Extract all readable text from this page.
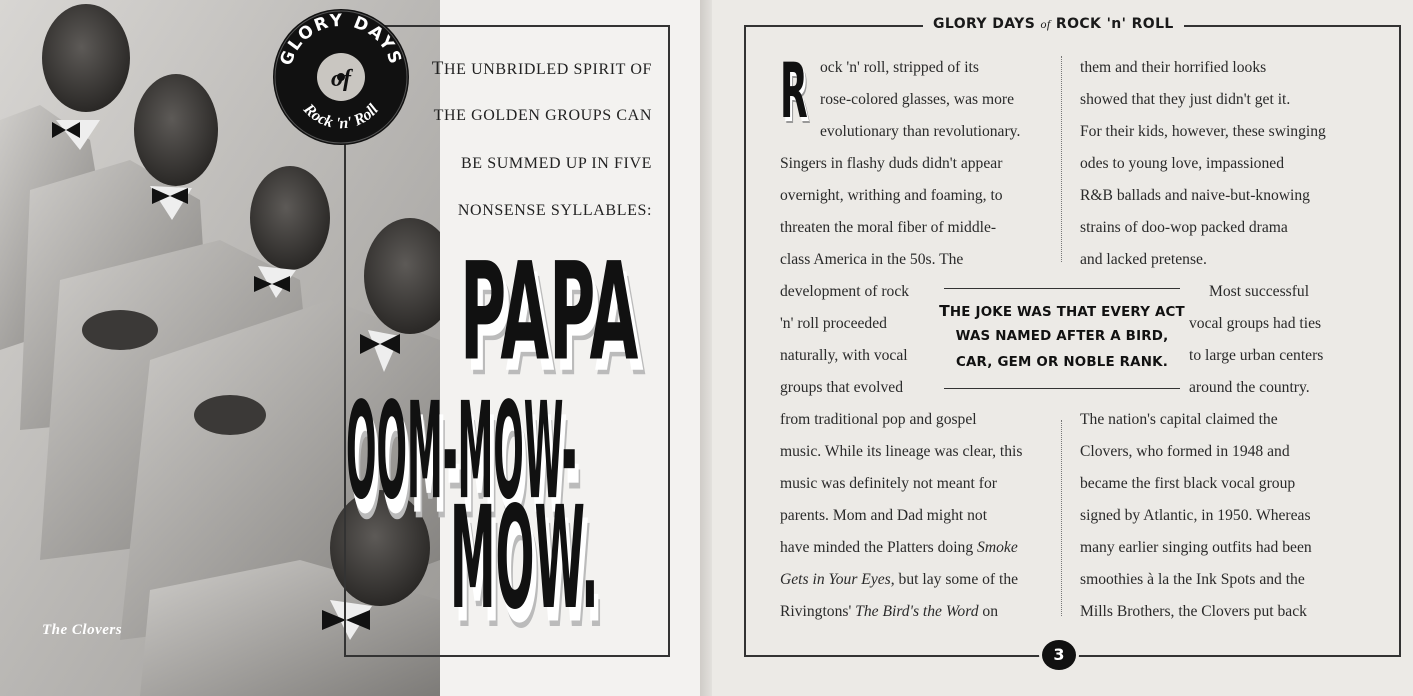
The Clovers
GLORY DAYS
of
Rock 'n' Roll
THE UNBRIDLED SPIRIT OF
THE GOLDEN GROUPS CAN
BE SUMMED UP IN FIVE
NONSENSE SYLLABLES:
PAPA
OOM-MOW-
MOW.
GLORY DAYS of ROCK 'n' ROLL
R ock 'n' roll, stripped of its
rose-colored glasses, was more
evolutionary than revolutionary.
Singers in flashy duds didn't appear
overnight, writhing and foaming, to
threaten the moral fiber of middle-
class America in the 50s. The
development of rock
'n' roll proceeded
naturally, with vocal
groups that evolved
from traditional pop and gospel
music. While its lineage was clear, this
music was definitely not meant for
parents. Mom and Dad might not
have minded the Platters doing Smoke
Gets in Your Eyes, but lay some of the
Rivingtons' The Bird's the Word on
them and their horrified looks
showed that they just didn't get it.
For their kids, however, these swinging
odes to young love, impassioned
R&B ballads and naive-but-knowing
strains of doo-wop packed drama
and lacked pretense.
Most successful
vocal groups had ties
to large urban centers
around the country.
The nation's capital claimed the
Clovers, who formed in 1948 and
became the first black vocal group
signed by Atlantic, in 1950. Whereas
many earlier singing outfits had been
smoothies à la the Ink Spots and the
Mills Brothers, the Clovers put back
THE JOKE WAS THAT EVERY ACT
WAS NAMED AFTER A BIRD,
CAR, GEM OR NOBLE RANK.
3
